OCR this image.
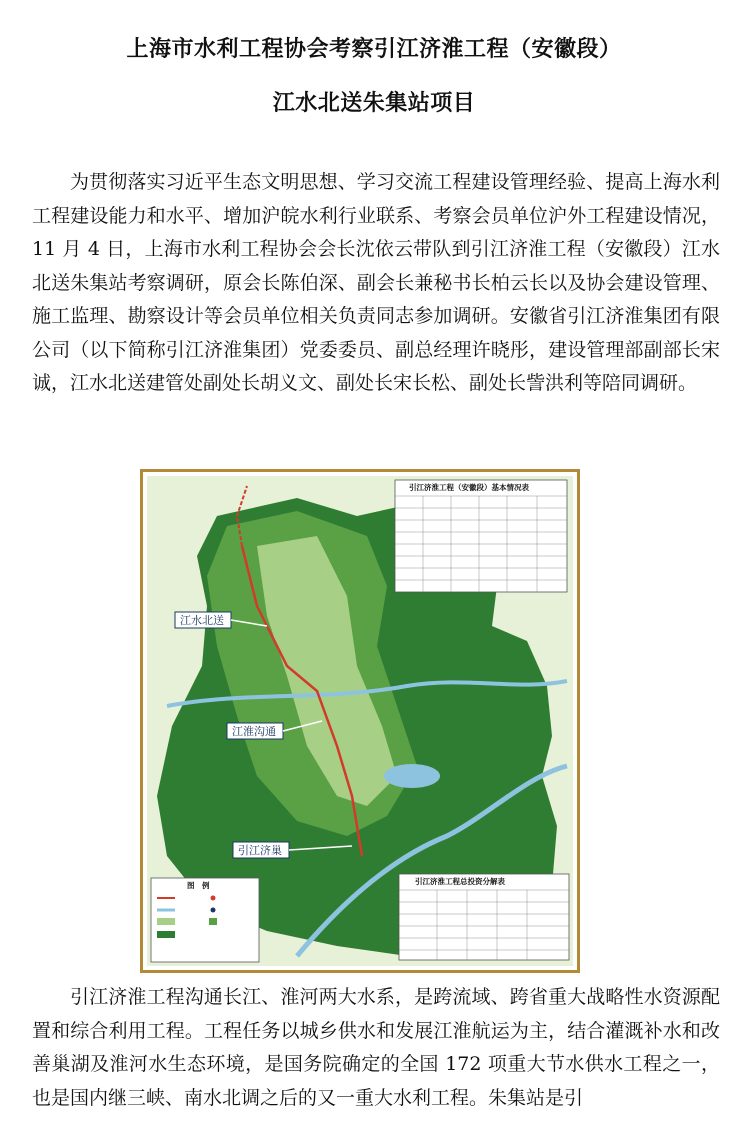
上海市水利工程协会考察引江济淮工程（安徽段）
江水北送朱集站项目

为贯彻落实习近平生态文明思想、学习交流工程建设管理经验、提高上海水利工程建设能力和水平、增加沪皖水利行业联系、考察会员单位沪外工程建设情况，11 月 4 日，上海市水利工程协会会长沈依云带队到引江济淮工程（安徽段）江水北送朱集站考察调研，原会长陈伯深、副会长兼秘书长柏云长以及协会建设管理、施工监理、勘察设计等会员单位相关负责同志参加调研。安徽省引江济淮集团有限公司（以下简称引江济淮集团）党委委员、副总经理许晓彤，建设管理部副部长宋诚，江水北送建管处副处长胡义文、副处长宋长松、副处长訾洪利等陪同调研。

江水北送
江淮沟通
引江济巢
引江济淮工程（安徽段）基本情况表
引江济淮工程总投资分解表
图　例

引江济淮工程沟通长江、淮河两大水系，是跨流域、跨省重大战略性水资源配置和综合利用工程。工程任务以城乡供水和发展江淮航运为主，结合灌溉补水和改善巢湖及淮河水生态环境，是国务院确定的全国 172 项重大节水供水工程之一，也是国内继三峡、南水北调之后的又一重大水利工程。朱集站是引
